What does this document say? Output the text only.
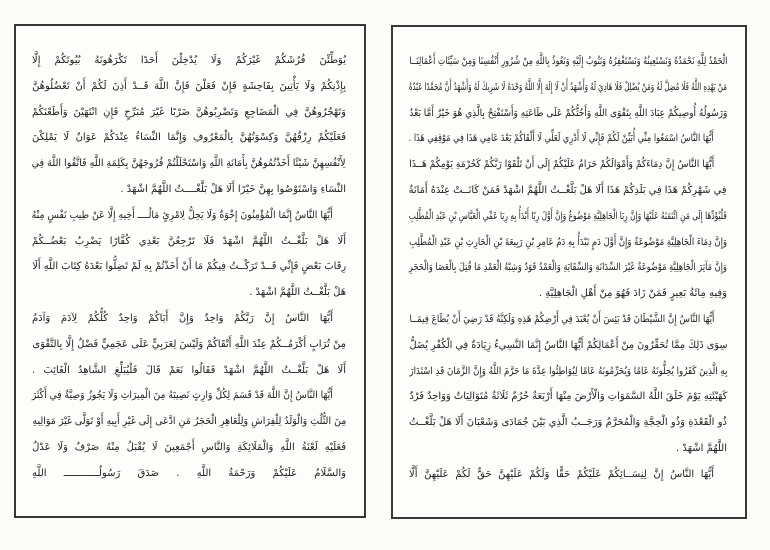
الْحَمْدُ لِلَّهِ نَحْمَدُهُ وَنَسْتَعِينُهُ وَنَسْتَغْفِرُهُ وَنَتُوبُ إِلَيْهِ وَنَعُوذُ بِاللَّهِ مِنْ شُرُورِ أَنْفُسِنَا وَمِنْ سَيِّئَاتِ أَعْمَالِنَــا
مَنْ يَهْدِهِ اللَّهُ فَلَا مُضِلَّ لَهُ وَمَنْ يُضْلِلْ فَلَا هَادِيَ لَهُ وَأَشْهَدُ أَنْ لَا إِلَهَ إِلَّا اللَّهُ وَحْدَهُ لَا شَرِيكَ لَهُ وَأَشْهَدُ أَنَّ مُحَمَّدًا عَبْدُهُ
وَرَسُولُهُ أُوصِيكُمْ عِبَادَ اللَّهِ بِتَقْوَى اللَّهِ وَأَحُثُّكُمْ عَلَى طَاعَتِهِ وَأَسْتَفْتِحُ بِالَّذِي هُوَ خَيْرٌ أَمَّا بَعْدُ
أَيُّهَا النَّاسُ اسْمَعُوا مِنِّي أُبَيِّنْ لَكُمْ فَإِنِّي لَا أَدْرِي لَعَلِّي لَا أَلْقَاكُمْ بَعْدَ عَامِي هَذَا فِي مَوْقِفِي هَذَا .
أَيُّهَا النَّاسُ إِنَّ دِمَاءَكُمْ وَأَمْوَالَكُمْ حَرَامٌ عَلَيْكُمْ إِلَى أَنْ تَلْقَوْا رَبَّكُمْ كَحُرْمَةِ يَوْمِكُمْ هَــذَا
فِي شَهْرِكُمْ هَذَا فِي بَلَدِكُمْ هَذَا أَلَا هَلْ بَلَّغْــتُ اللَّهُمَّ اشْهَدْ فَمَنْ كَانَــتْ عِنْدَهُ أَمَانَةٌ
فَلْيُؤَدِّهَا إِلَى مَنِ ائْتَمَنَهُ عَلَيْهَا وَإِنَّ رِبَا الْجَاهِلِيَّةِ مَوْضُوعٌ وَإِنَّ أَوَّلَ رِبًا أَبْدَأُ بِهِ رِبَا عَمِّي الْعَبَّاسِ بْنِ عَبْدِ الْمُطَّلِبِ
وَإِنَّ دِمَاءَ الْجَاهِلِيَّةِ مَوْضُوعَةٌ وَإِنَّ أَوَّلَ دَمٍ نَبْدَأُ بِهِ دَمُ عَامِرِ بْنِ رَبِيعَةَ بْنِ الْحَارِثِ بْنِ عَبْدِ الْمُطَّلِبِ
وَإِنَّ مَآثِرَ الْجَاهِلِيَّةِ مَوْضُوعَةٌ غَيْرَ السِّدَانَةِ وَالسِّقَايَةِ وَالْعَمْدُ قَوَدٌ وَشِبْهُ الْعَمْدِ مَا قُتِلَ بِالْعَصَا وَالْحَجَرِ
وَفِيهِ مِائَةُ بَعِيرٍ فَمَنْ زَادَ فَهُوَ مِنْ أَهْلِ الْجَاهِلِيَّةِ .
أَيُّهَا النَّاسُ إِنَّ الشَّيْطَانَ قَدْ يَئِسَ أَنْ يُعْبَدَ فِي أَرْضِكُمْ هَذِهِ وَلَكِنَّهُ قَدْ رَضِيَ أَنْ يُطَاعَ فِيمَــا
سِوَى ذَلِكَ مِمَّا تُحَقِّرُونَ مِنْ أَعْمَالِكُمْ أَيُّهَا النَّاسُ إِنَّمَا النَّسِيءُ زِيَادَةٌ فِي الْكُفْرِ يُضَلُّ
بِهِ الَّذِينَ كَفَرُوا يُحِلُّونَهُ عَامًا وَيُحَرِّمُونَهُ عَامًا لِيُوَاطِئُوا عِدَّةَ مَا حَرَّمَ اللَّهُ وَإِنَّ الزَّمَانَ قَدِ اسْتَدَارَ
كَهَيْئَتِهِ يَوْمَ خَلَقَ اللَّهُ السَّمَوَاتِ وَالْأَرْضَ مِنْهَا أَرْبَعَةٌ حُرُمٌ ثَلَاثَةٌ مُتَوَالِيَاتٌ وَوَاحِدٌ فَرْدٌ
ذُو الْقَعْدَةِ وَذُو الْحِجَّةِ وَالْمُحَرَّمُ وَرَجَــبُ الَّذِي بَيْنَ جُمَادَى وَشَعْبَانَ أَلَا هَلْ بَلَّغْــتُ
اللَّهُمَّ اشْهَدْ .
أَيُّهَا النَّاسُ إِنَّ لِنِسَــائِكُمْ عَلَيْكُمْ حَقًّا وَلَكُمْ عَلَيْهِنَّ حَقٌّ لَكُمْ عَلَيْهِنَّ أَلَّا
يُوَطِّئْنَ فُرُشَكُمْ غَيْرَكُمْ وَلَا يُدْخِلْنَ أَحَدًا تَكْرَهُونَهُ بُيُوتَكُمْ إِلَّا
بِإِذْنِكُمْ وَلَا يَأْتِينَ بِفَاحِشَةٍ فَإِنْ فَعَلْنَ فَإِنَّ اللَّهَ قَــدْ أَذِنَ لَكُمْ أَنْ تَعْضُلُوهُنَّ
وَتَهْجُرُوهُنَّ فِي الْمَضَاجِعِ وَتَضْرِبُوهُنَّ ضَرْبًا غَيْرَ مُبَرِّحٍ فَإِنِ انْتَهَيْنَ وَأَطَعْنَكُمْ
فَعَلَيْكُمْ رِزْقُهُنَّ وَكِسْوَتُهُنَّ بِالْمَعْرُوفِ وَإِنَّمَا النِّسَاءُ عِنْدَكُمْ عَوَانٌ لَا يَمْلِكْنَ
لِأَنْفُسِهِنَّ شَيْئًا أَخَذْتُمُوهُنَّ بِأَمَانَةِ اللَّهِ وَاسْتَحْلَلْتُمْ فُرُوجَهُنَّ بِكَلِمَةِ اللَّهِ فَاتَّقُوا اللَّهَ فِي
النِّسَاءِ وَاسْتَوْصُوا بِهِنَّ خَيْرًا أَلَا هَلْ بَلَّغْــــتُ اللَّهُمَّ اشْهَدْ .
أَيُّهَا النَّاسُ إِنَّمَا الْمُؤْمِنُونَ إِخْوَةٌ وَلَا يَحِلُّ لِامْرِئٍ مَالُــــ أَخِيهِ إِلَّا عَنْ طِيبِ نَفْسٍ مِنْهُ
أَلَا هَلْ بَلَّغْــتُ اللَّهُمَّ اشْهَدْ فَلَا تَرْجِعُنَّ بَعْدِي كُفَّارًا يَضْرِبُ بَعْضُــكُمْ
رِقَابَ بَعْضٍ فَإِنِّي قَــدْ تَرَكْــتُ فِيكُمْ مَا أَنْ أَخَذْتُمْ بِهِ لَمْ تَضِلُّوا بَعْدَهُ كِتَابَ اللَّهِ أَلَا
هَلْ بَلَّغْــتُ اللَّهُمَّ اشْهَدْ .
أَيُّهَا النَّاسُ إِنَّ رَبَّكُمْ وَاحِدٌ وَإِنَّ أَبَاكُمْ وَاحِدٌ كُلُّكُمْ لِآدَمَ وَآدَمُ
مِنْ تُرَابٍ أَكْرَمُــكُمْ عِنْدَ اللَّهِ أَتْقَاكُمْ وَلَيْسَ لِعَرَبِيٍّ عَلَى عَجَمِيٍّ فَضْلٌ إِلَّا بِالتَّقْوَى
أَلَا هَلْ بَلَّغْــتُ اللَّهُمَّ اشْهَدْ فَقَالُوا نَعَمْ قَالَ فَلْيُبَلِّغِ الشَّاهِدُ الْغَائِبَ .
أَيُّهَا النَّاسُ إِنَّ اللَّهَ قَدْ قَسَمَ لِكُلِّ وَارِثٍ نَصِيبَهُ مِنَ الْمِيرَاثِ وَلَا يَجُوزُ وَصِيَّةٌ فِي أَكْثَرَ
مِنَ الثُّلُثِ وَالْوَلَدُ لِلْفِرَاشِ وَلِلْعَاهِرِ الْحَجَرُ مَنِ ادَّعَى إِلَى غَيْرِ أَبِيهِ أَوْ تَوَلَّى غَيْرَ مَوَالِيهِ
فَعَلَيْهِ لَعْنَةُ اللَّهِ وَالْمَلَائِكَةِ وَالنَّاسِ أَجْمَعِينَ لَا يُقْبَلُ مِنْهُ صَرْفٌ وَلَا عَدْلٌ
وَالسَّلَامُ عَلَيْكُمْ وَرَحْمَةُ اللَّهِ . صَدَقَ رَسُولُــــــــــــ اللَّهِ
